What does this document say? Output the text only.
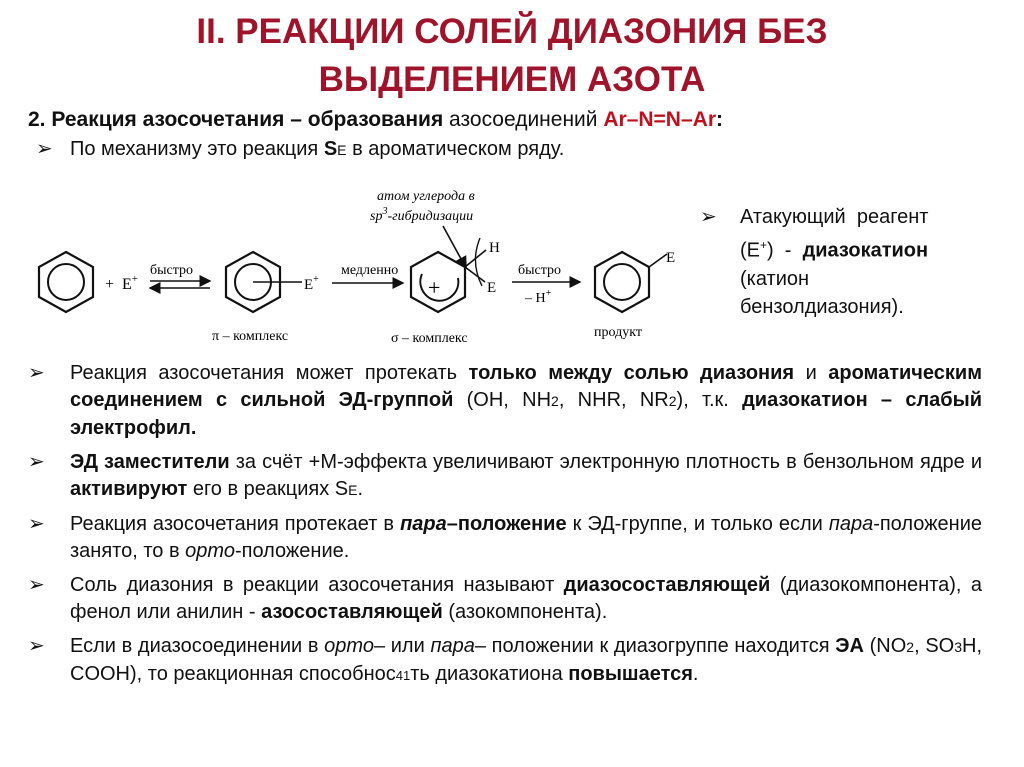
II. РЕАКЦИИ СОЛЕЙ ДИАЗОНИЯ БЕЗ
ВЫДЕЛЕНИЕМ АЗОТА
2. Реакция азосочетания – образования азосоединений Ar–N=N–Ar:
➢ По механизму это реакция SE в ароматическом ряду.
атом углерода в
$sp^3$-гибридизации
+ E+
быстро
E+
π – комплекс
медленно
+
H
E
σ – комплекс
быстро
– H+
E
продукт
➢ Атакующий  реагент
(E+)  -  диазокатион
(катион
бензолдиазония).
➢ Реакция азосочетания может протекать только между солью диазония и ароматическим соединением с сильной ЭД-группой (OH, NH2, NHR, NR2), т.к. диазокатион – слабый электрофил.
➢ ЭД заместители за счёт +М-эффекта увеличивают электронную плотность в бензольном ядре и активируют его в реакциях SE.
➢ Реакция азосочетания протекает в пара–положение к ЭД-группе, и только если пара-положение занято, то в орто-положение.
➢ Соль диазония в реакции азосочетания называют диазосоставляющей (диазокомпонента), а фенол или анилин - азосоставляющей (азокомпонента).
➢ Если в диазосоединении в орто– или пара– положении к диазогруппе находится ЭА (NO2, SO3H, COOH), то реакционная способнос41ть диазокатиона повышается.
